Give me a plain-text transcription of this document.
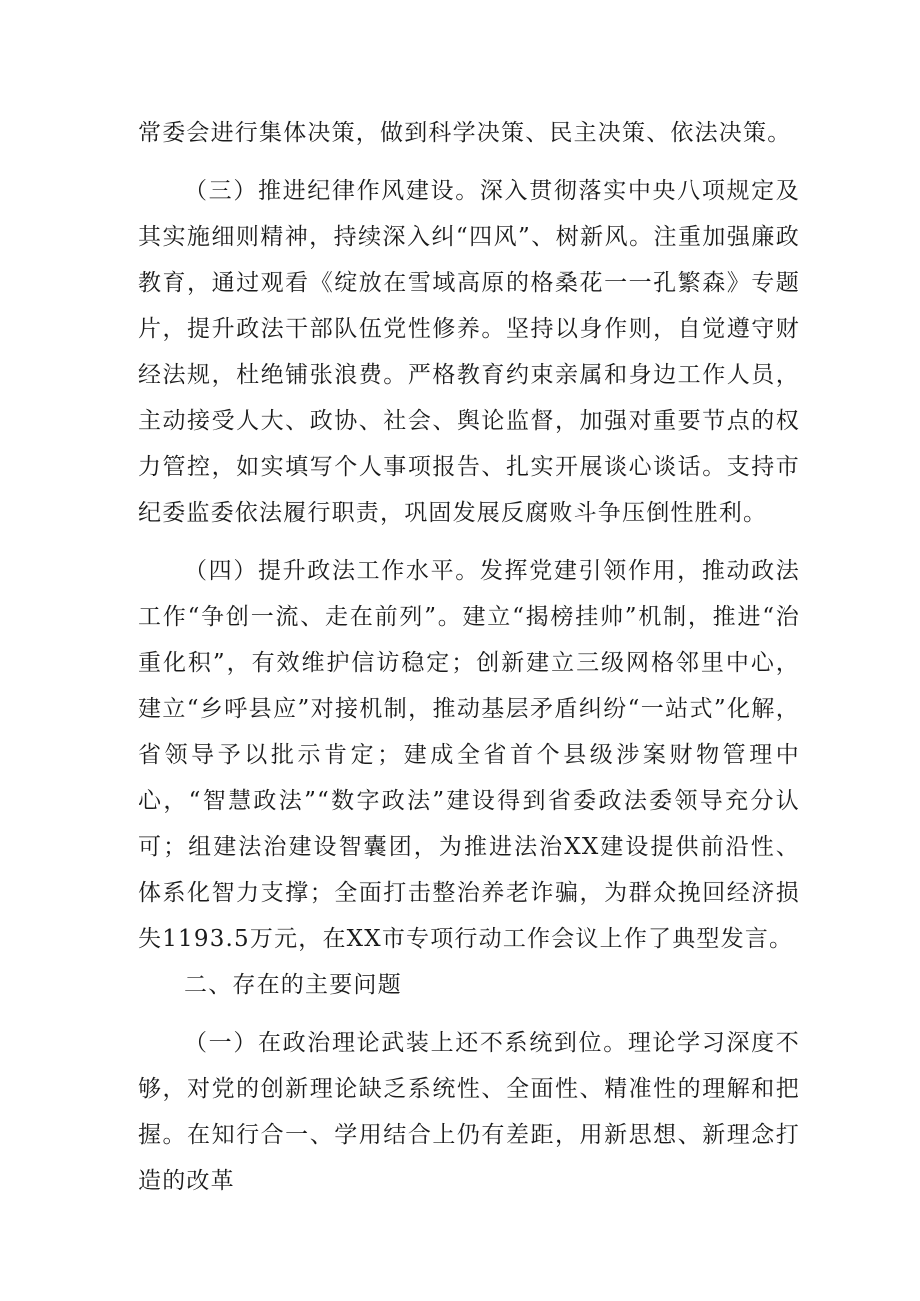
常委会进行集体决策，做到科学决策、民主决策、依法决策。

（三）推进纪律作风建设。深入贯彻落实中央八项规定及其实施细则精神，持续深入纠“四风”、树新风。注重加强廉政教育，通过观看《绽放在雪域高原的格桑花一一孔繁森》专题片，提升政法干部队伍党性修养。坚持以身作则，自觉遵守财经法规，杜绝铺张浪费。严格教育约束亲属和身边工作人员，主动接受人大、政协、社会、舆论监督，加强对重要节点的权力管控，如实填写个人事项报告、扎实开展谈心谈话。支持市纪委监委依法履行职责，巩固发展反腐败斗争压倒性胜利。

（四）提升政法工作水平。发挥党建引领作用，推动政法工作“争创一流、走在前列”。建立“揭榜挂帅”机制，推进“治重化积”，有效维护信访稳定；创新建立三级网格邻里中心，建立“乡呼县应”对接机制，推动基层矛盾纠纷“一站式”化解，省领导予以批示肯定；建成全省首个县级涉案财物管理中心，“智慧政法”“数字政法”建设得到省委政法委领导充分认可；组建法治建设智囊团，为推进法治XX建设提供前沿性、体系化智力支撑；全面打击整治养老诈骗，为群众挽回经济损失1193.5万元，在XX市专项行动工作会议上作了典型发言。

二、存在的主要问题

（一）在政治理论武装上还不系统到位。理论学习深度不够，对党的创新理论缺乏系统性、全面性、精准性的理解和把握。在知行合一、学用结合上仍有差距，用新思想、新理念打造的改革
